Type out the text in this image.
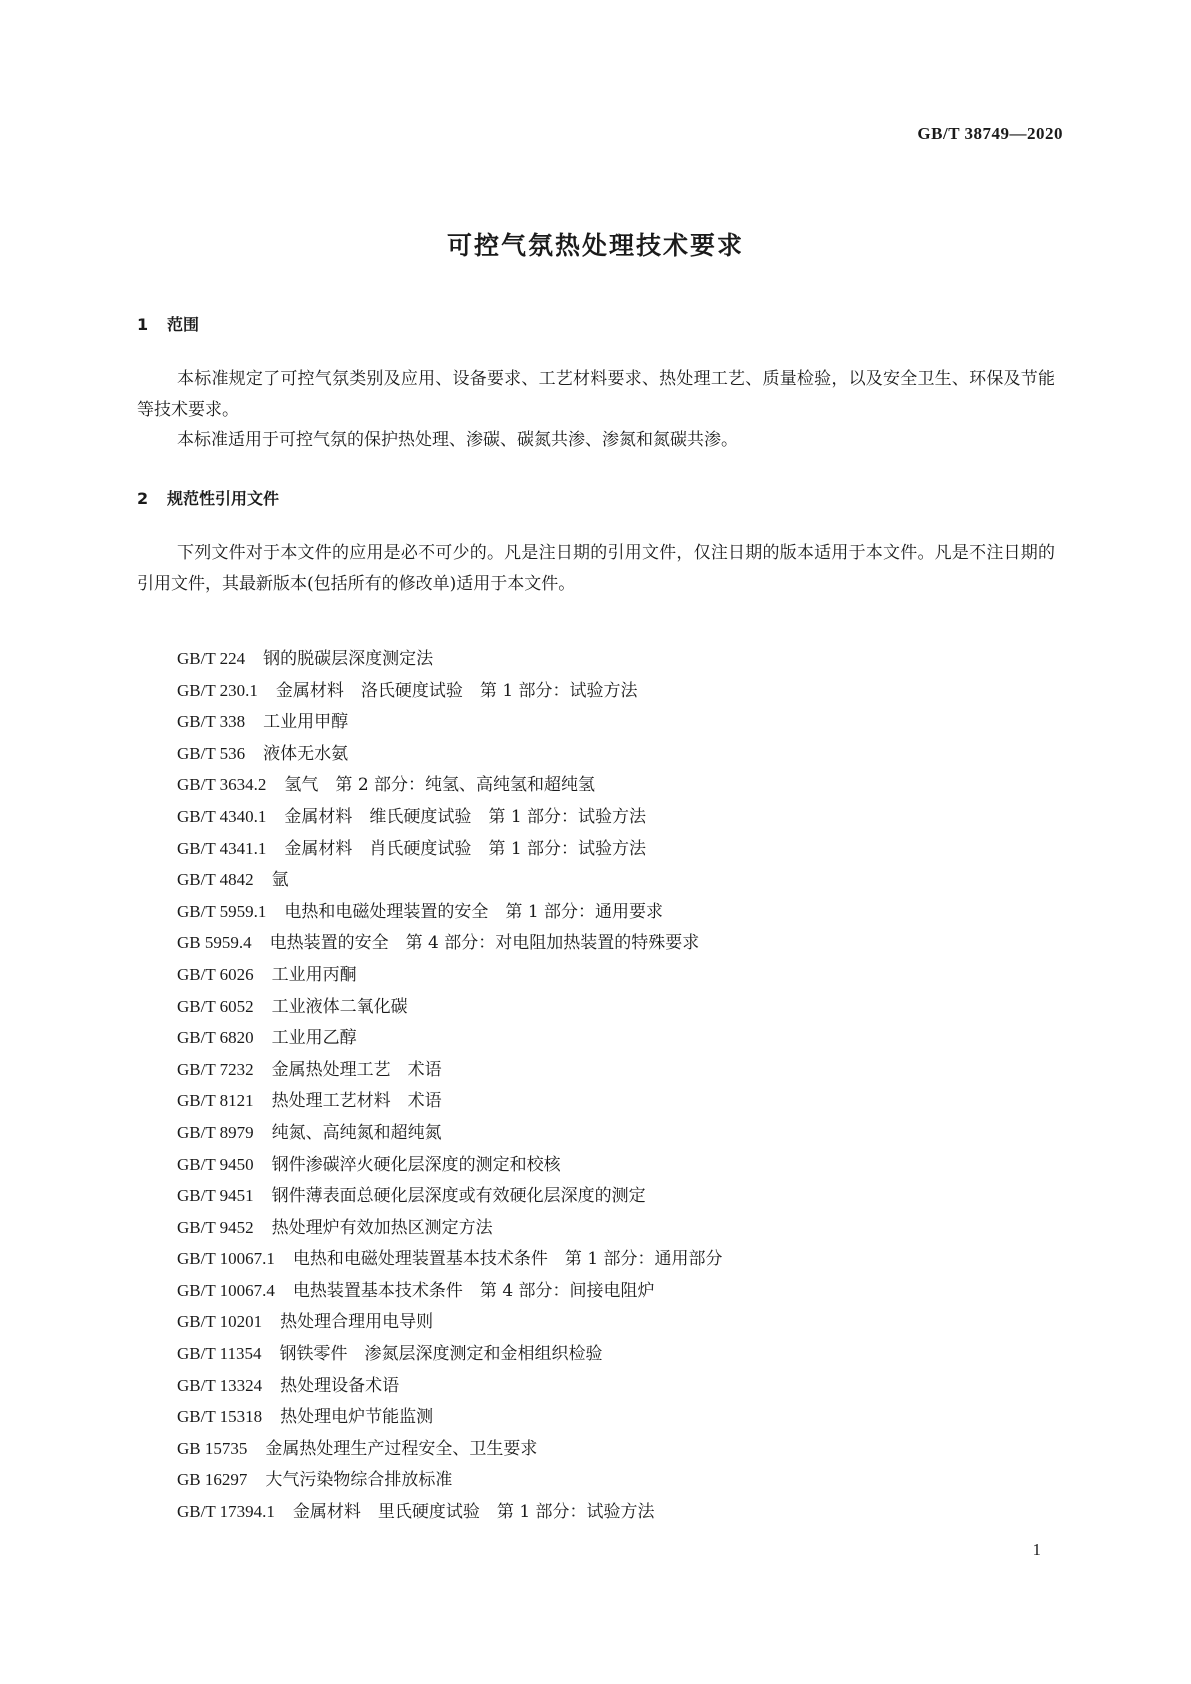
GB/T 38749—2020

可控气氛热处理技术要求
1 范围

本标准规定了可控气氛类别及应用、设备要求、工艺材料要求、热处理工艺、质量检验，以及安全卫生、环保及节能等技术要求。

本标准适用于可控气氛的保护热处理、渗碳、碳氮共渗、渗氮和氮碳共渗。

2 规范性引用文件

下列文件对于本文件的应用是必不可少的。凡是注日期的引用文件，仅注日期的版本适用于本文件。凡是不注日期的引用文件，其最新版本(包括所有的修改单)适用于本文件。

GB/T 224 钢的脱碳层深度测定法
GB/T 230.1 金属材料　洛氏硬度试验　第 1 部分：试验方法
GB/T 338 工业用甲醇
GB/T 536 液体无水氨
GB/T 3634.2 氢气　第 2 部分：纯氢、高纯氢和超纯氢
GB/T 4340.1 金属材料　维氏硬度试验　第 1 部分：试验方法
GB/T 4341.1 金属材料　肖氏硬度试验　第 1 部分：试验方法
GB/T 4842 氩
GB/T 5959.1 电热和电磁处理装置的安全　第 1 部分：通用要求
GB 5959.4 电热装置的安全　第 4 部分：对电阻加热装置的特殊要求
GB/T 6026 工业用丙酮
GB/T 6052 工业液体二氧化碳
GB/T 6820 工业用乙醇
GB/T 7232 金属热处理工艺　术语
GB/T 8121 热处理工艺材料　术语
GB/T 8979 纯氮、高纯氮和超纯氮
GB/T 9450 钢件渗碳淬火硬化层深度的测定和校核
GB/T 9451 钢件薄表面总硬化层深度或有效硬化层深度的测定
GB/T 9452 热处理炉有效加热区测定方法
GB/T 10067.1 电热和电磁处理装置基本技术条件　第 1 部分：通用部分
GB/T 10067.4 电热装置基本技术条件　第 4 部分：间接电阻炉
GB/T 10201 热处理合理用电导则
GB/T 11354 钢铁零件　渗氮层深度测定和金相组织检验
GB/T 13324 热处理设备术语
GB/T 15318 热处理电炉节能监测
GB 15735 金属热处理生产过程安全、卫生要求
GB 16297 大气污染物综合排放标准
GB/T 17394.1 金属材料　里氏硬度试验　第 1 部分：试验方法

1
